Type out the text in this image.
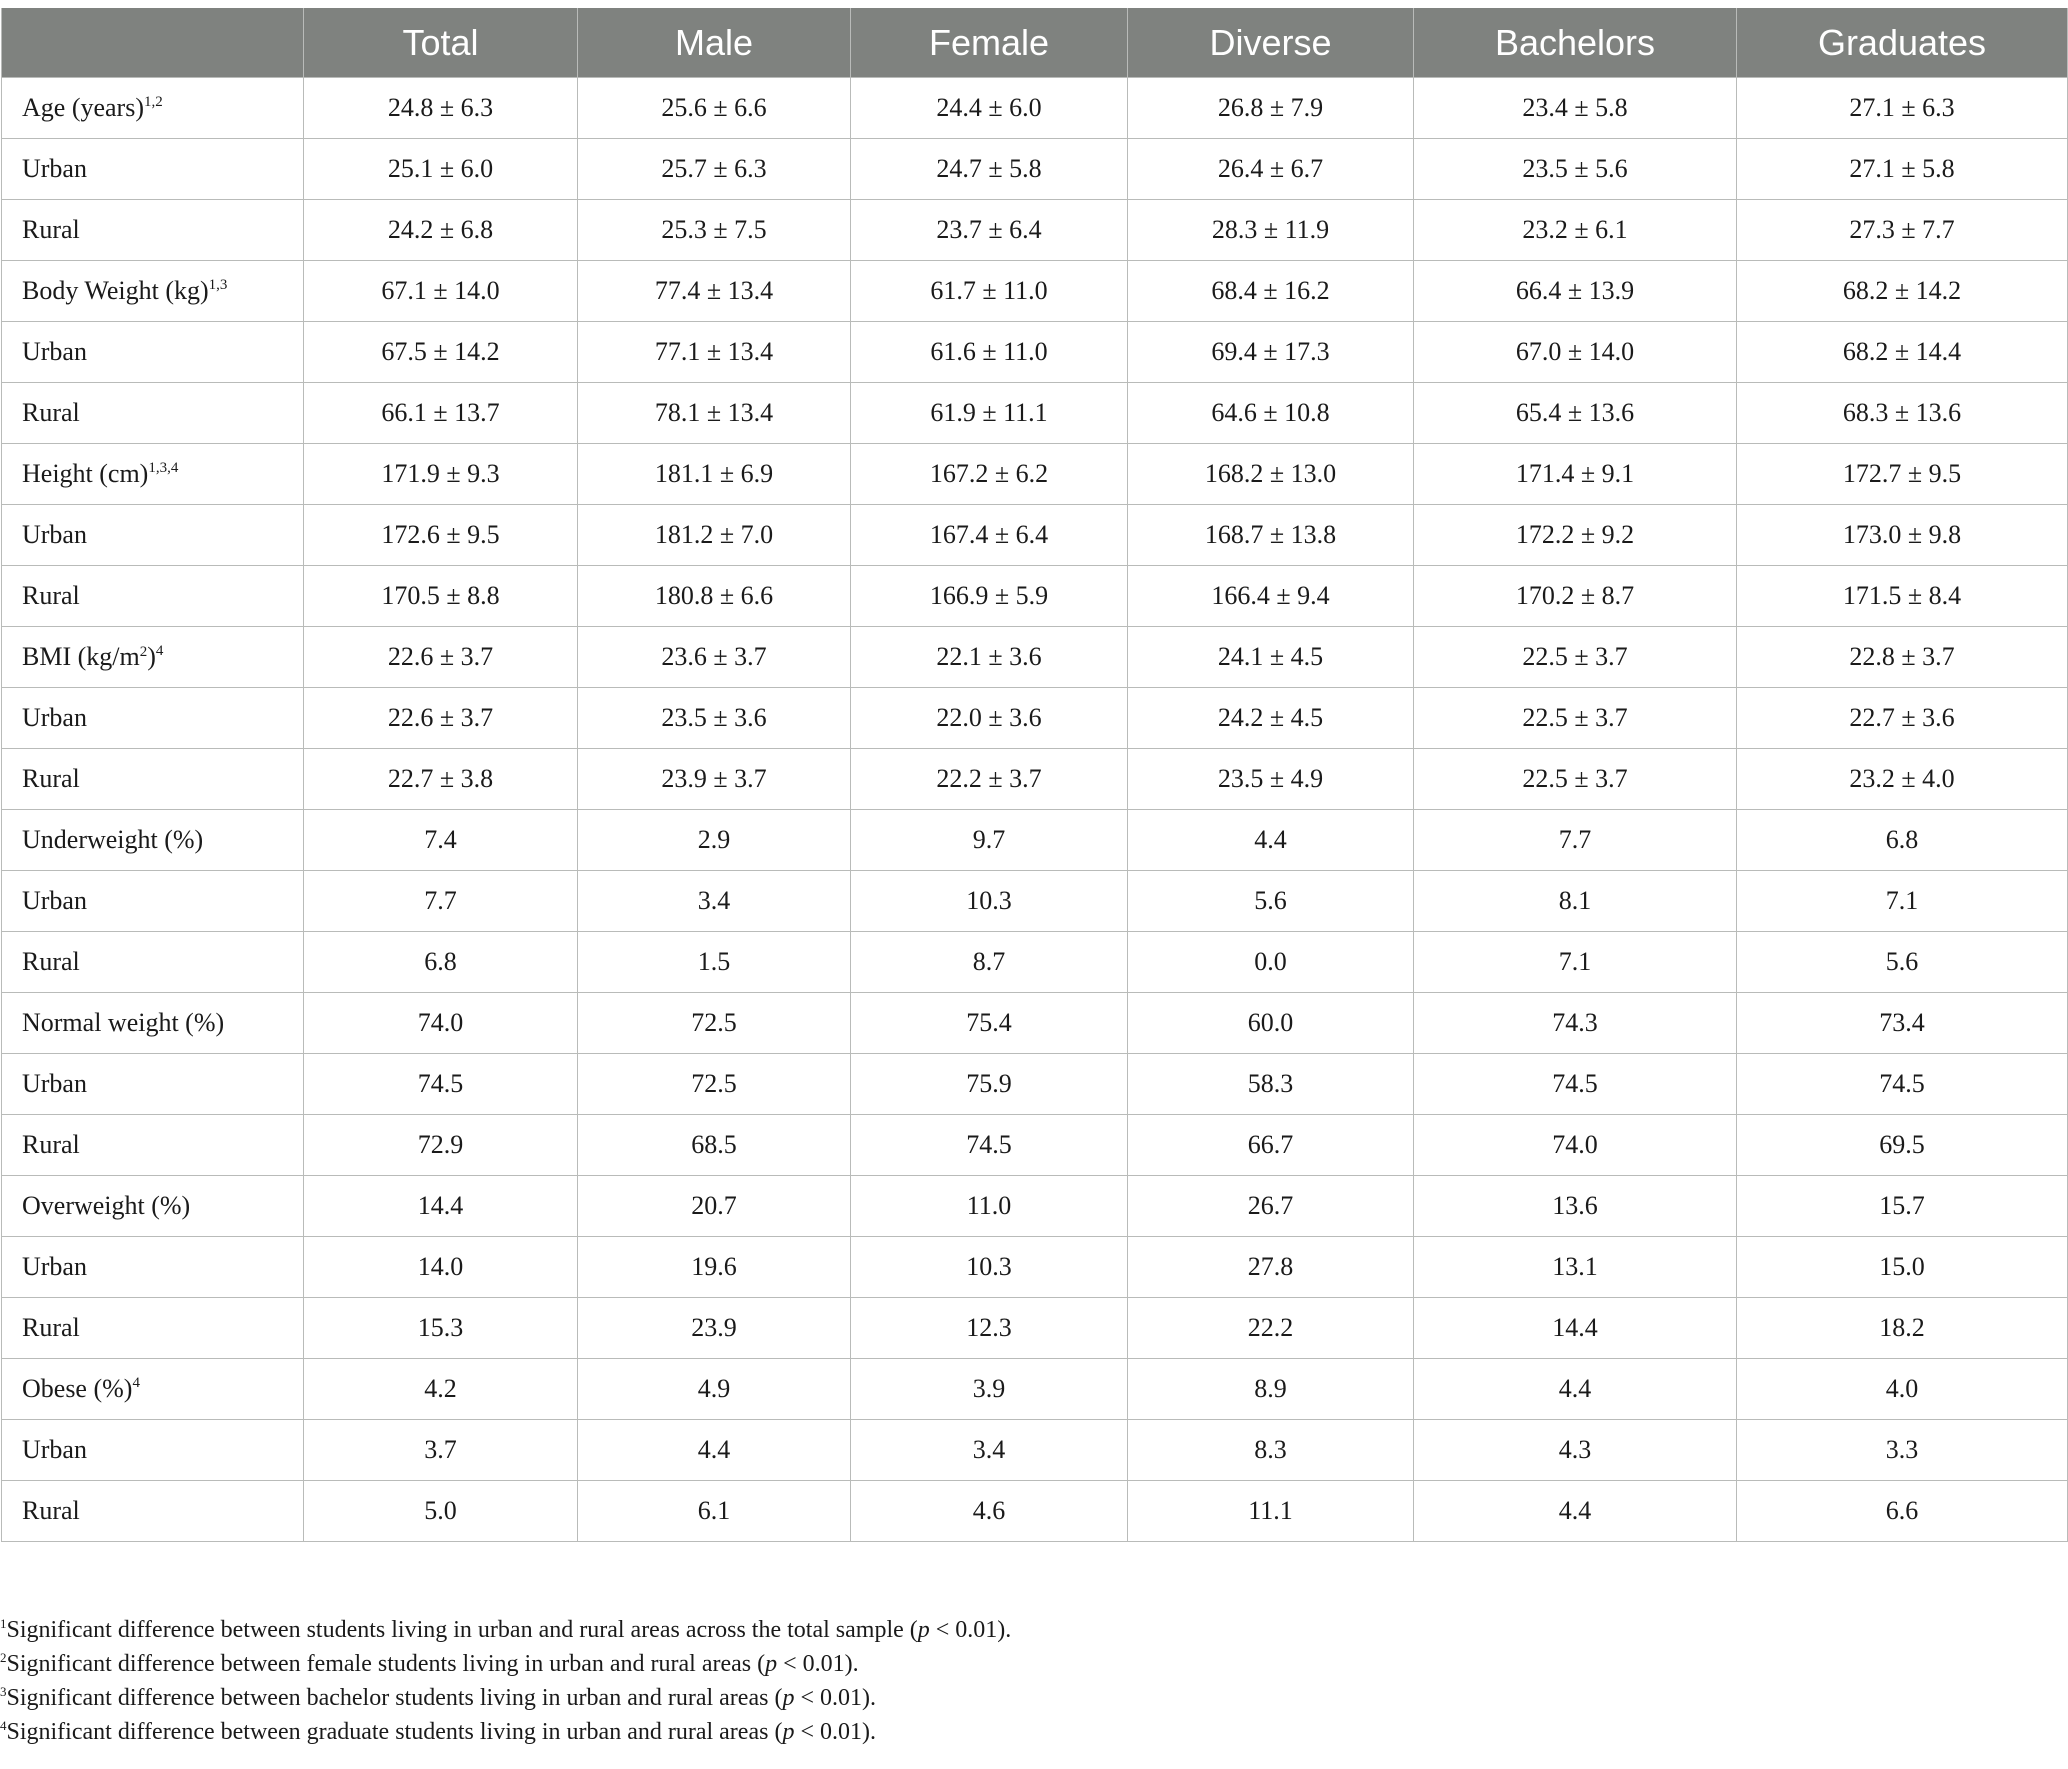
	Total	Male	Female	Diverse	Bachelors	Graduates
Age (years)$^{1,2}$	24.8 ± 6.3	25.6 ± 6.6	24.4 ± 6.0	26.8 ± 7.9	23.4 ± 5.8	27.1 ± 6.3
Urban	25.1 ± 6.0	25.7 ± 6.3	24.7 ± 5.8	26.4 ± 6.7	23.5 ± 5.6	27.1 ± 5.8
Rural	24.2 ± 6.8	25.3 ± 7.5	23.7 ± 6.4	28.3 ± 11.9	23.2 ± 6.1	27.3 ± 7.7
Body Weight (kg)$^{1,3}$	67.1 ± 14.0	77.4 ± 13.4	61.7 ± 11.0	68.4 ± 16.2	66.4 ± 13.9	68.2 ± 14.2
Urban	67.5 ± 14.2	77.1 ± 13.4	61.6 ± 11.0	69.4 ± 17.3	67.0 ± 14.0	68.2 ± 14.4
Rural	66.1 ± 13.7	78.1 ± 13.4	61.9 ± 11.1	64.6 ± 10.8	65.4 ± 13.6	68.3 ± 13.6
Height (cm)$^{1,3,4}$	171.9 ± 9.3	181.1 ± 6.9	167.2 ± 6.2	168.2 ± 13.0	171.4 ± 9.1	172.7 ± 9.5
Urban	172.6 ± 9.5	181.2 ± 7.0	167.4 ± 6.4	168.7 ± 13.8	172.2 ± 9.2	173.0 ± 9.8
Rural	170.5 ± 8.8	180.8 ± 6.6	166.9 ± 5.9	166.4 ± 9.4	170.2 ± 8.7	171.5 ± 8.4
BMI $(kg/m^2)^4$	22.6 ± 3.7	23.6 ± 3.7	22.1 ± 3.6	24.1 ± 4.5	22.5 ± 3.7	22.8 ± 3.7
Urban	22.6 ± 3.7	23.5 ± 3.6	22.0 ± 3.6	24.2 ± 4.5	22.5 ± 3.7	22.7 ± 3.6
Rural	22.7 ± 3.8	23.9 ± 3.7	22.2 ± 3.7	23.5 ± 4.9	22.5 ± 3.7	23.2 ± 4.0
Underweight (%)	7.4	2.9	9.7	4.4	7.7	6.8
Urban	7.7	3.4	10.3	5.6	8.1	7.1
Rural	6.8	1.5	8.7	0.0	7.1	5.6
Normal weight (%)	74.0	72.5	75.4	60.0	74.3	73.4
Urban	74.5	72.5	75.9	58.3	74.5	74.5
Rural	72.9	68.5	74.5	66.7	74.0	69.5
Overweight (%)	14.4	20.7	11.0	26.7	13.6	15.7
Urban	14.0	19.6	10.3	27.8	13.1	15.0
Rural	15.3	23.9	12.3	22.2	14.4	18.2
Obese (%)$^4$	4.2	4.9	3.9	8.9	4.4	4.0
Urban	3.7	4.4	3.4	8.3	4.3	3.3
Rural	5.0	6.1	4.6	11.1	4.4	6.6
$^1$Significant difference between students living in urban and rural areas across the total sample (p < 0.01).
$^2$Significant difference between female students living in urban and rural areas (p < 0.01).
$^3$Significant difference between bachelor students living in urban and rural areas (p < 0.01).
$^4$Significant difference between graduate students living in urban and rural areas (p < 0.01).
